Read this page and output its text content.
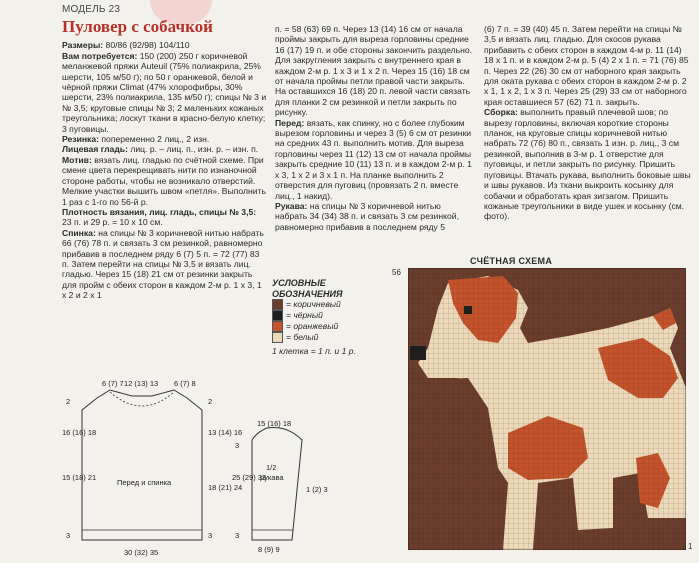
МОДЕЛЬ 23
Пуловер с собачкой

Размеры: 80/86 (92/98) 104/110

Вам потребуется: 150 (200) 250 г коричневой меланжевой пряжи Auteuil (75% полиакрила, 25% шерсти, 105 м/50 г); по 50 г оранжевой, белой и чёрной пряжи Climat (47% хлорофибры, 30% шерсти, 23% полиакрила, 135 м/50 г); спицы № 3 и № 3,5; круговые спицы № 3; 2 маленьких кожаных треугольника; лоскут ткани в красно-белую клетку; 3 пуговицы.

Резинка: попеременно 2 лиц., 2 изн.

Лицевая гладь: лиц. р. – лиц. п., изн. р. – изн. п.

Мотив: вязать лиц. гладью по счётной схеме. При смене цвета перекрещивать нити по изнаночной стороне работы, чтобы не возникало отверстий. Мелкие участки вышить швом «петля». Выполнить 1 раз с 1-го по 56-й р.

Плотность вязания, лиц. гладь, спицы № 3,5: 23 п. и 29 р. = 10 х 10 см.

Спинка: на спицы № 3 коричневой нитью набрать 66 (76) 78 п. и связать 3 см резинкой, равномерно прибавив в последнем ряду 6 (7) 5 п. = 72 (77) 83 п. Затем перейти на спицы № 3,5 и вязать лиц. гладью. Через 15 (18) 21 см от резинки закрыть для пройм с обеих сторон в каждом 2-м р. 1 х 3, 1 х 2 и 2 х 1

п. = 58 (63) 69 п. Через 13 (14) 16 см от начала проймы закрыть для выреза горловины средние 16 (17) 19 п. и обе стороны закончить раздельно. Для закругления закрыть с внутреннего края в каждом 2-м р. 1 х 3 и 1 х 2 п. Через 15 (16) 18 см от начала проймы петли правой части закрыть. На оставшихся 16 (18) 20 п. левой части связать для планки 2 см резинкой и петли закрыть по рисунку.

Перед: вязать, как спинку, но с более глубоким вырезом горловины и через 3 (5) 6 см от резинки на средних 43 п. выполнить мотив. Для выреза горловины через 11 (12) 13 см от начала проймы закрыть средние 10 (11) 13 п. и в каждом 2-м р. 1 х 3, 1 х 2 и 3 х 1 п. На планке выполнить 2 отверстия для пуговиц (провязать 2 п. вместе лиц., 1 накид).

Рукава: на спицы № 3 коричневой нитью набрать 34 (34) 38 п. и связать 3 см резинкой, равномерно прибавив в последнем ряду 5

(6) 7 п. = 39 (40) 45 п. Затем перейти на спицы № 3,5 и вязать лиц. гладью. Для скосов рукава прибавить с обеих сторон в каждом 4-м р. 11 (14) 18 х 1 п. и в каждом 2-м р. 5 (4) 2 х 1 п. = 71 (76) 85 п. Через 22 (26) 30 см от наборного края закрыть для оката рукава с обеих сторон в каждом 2-м р. 2 х 1, 1 х 2, 1 х 3 п. Через 25 (29) 33 см от наборного края оставшиеся 57 (62) 71 п. закрыть.

Сборка: выполнить правый плечевой шов; по вырезу горловины, включая короткие стороны планок, на круговые спицы коричневой нитью набрать 72 (76) 80 п., связать 1 изн. р. лиц., 3 см резинкой, выполнив в 3-м р. 1 отверстие для пуговицы, и петли закрыть по рисунку. Пришить пуговицы. Втачать рукава, выполнить боковые швы и швы рукавов. Из ткани выкроить косынку для собачки и обработать края зигзагом. Пришить кожаные треугольники в виде ушек и косынку (см. фото).

УСЛОВНЫЕ
ОБОЗНАЧЕНИЯ
= коричневый
= чёрный
= оранжевый
= белый
1 клетка = 1 п. и 1 р.
СЧЁТНАЯ СХЕМА
56
1
Перед и спинка
6 (7) 7 12 (13) 13 6 (7) 8
2
16 (16) 18
15 (18) 21
3
2
13 (14) 16
18 (21) 24
3
30 (32) 35
15 (16) 18
1/2
рукава
3
25 (29) 33
3
8 (9) 9
1 (2) 3
